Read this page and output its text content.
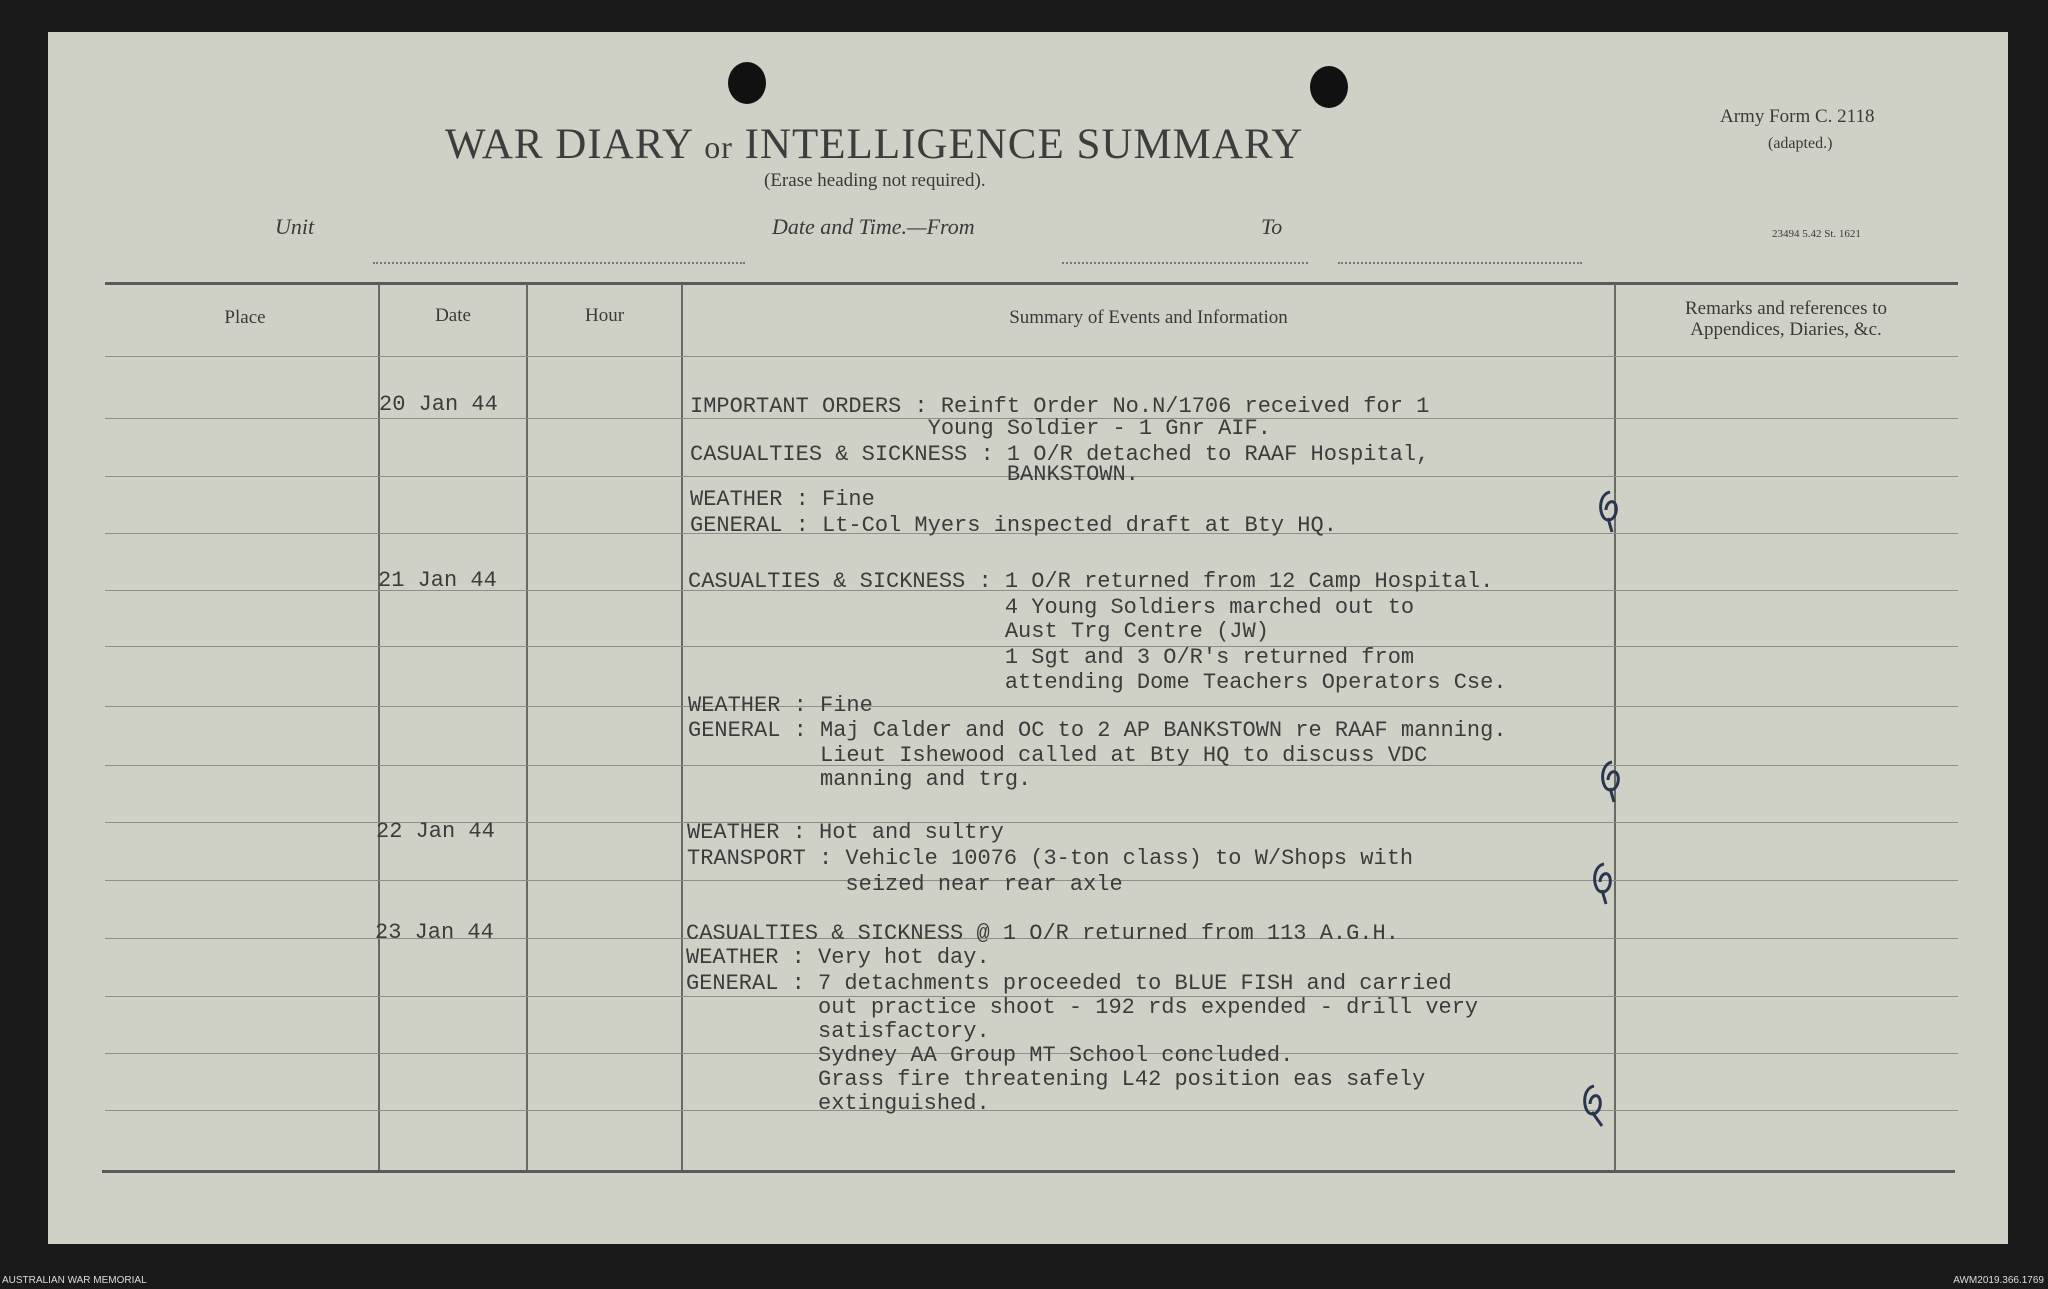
WAR DIARY or INTELLIGENCE SUMMARY
(Erase heading not required).
Army Form C. 2118
(adapted.)
23494 5.42 St. 1621
Unit	Date and Time.—From	To
Place	Date	Hour	Summary of Events and Information	Remarks and references to
Appendices, Diaries, &c.
20 Jan 44	IMPORTANT ORDERS : Reinft Order No.N/1706 received for 1
Young Soldier - 1 Gnr AIF.
CASUALTIES & SICKNESS : 1 O/R detached to RAAF Hospital,
BANKSTOWN.
WEATHER : Fine
GENERAL : Lt-Col Myers inspected draft at Bty HQ.
21 Jan 44	CASUALTIES & SICKNESS : 1 O/R returned from 12 Camp Hospital.
4 Young Soldiers marched out to
Aust Trg Centre (JW)
1 Sgt and 3 O/R's returned from
attending Dome Teachers Operators Cse.
WEATHER : Fine
GENERAL : Maj Calder and OC to 2 AP BANKSTOWN re RAAF manning.
Lieut Ishewood called at Bty HQ to discuss VDC
manning and trg.
22 Jan 44	WEATHER : Hot and sultry
TRANSPORT : Vehicle 10076 (3-ton class) to W/Shops with
seized near rear axle
23 Jan 44	CASUALTIES & SICKNESS @ 1 O/R returned from 113 A.G.H.
WEATHER : Very hot day.
GENERAL : 7 detachments proceeded to BLUE FISH and carried
out practice shoot - 192 rds expended - drill very
satisfactory.
Sydney AA Group MT School concluded.
Grass fire threatening L42 position eas safely
extinguished.
AUSTRALIAN WAR MEMORIAL	AWM2019.366.1769
